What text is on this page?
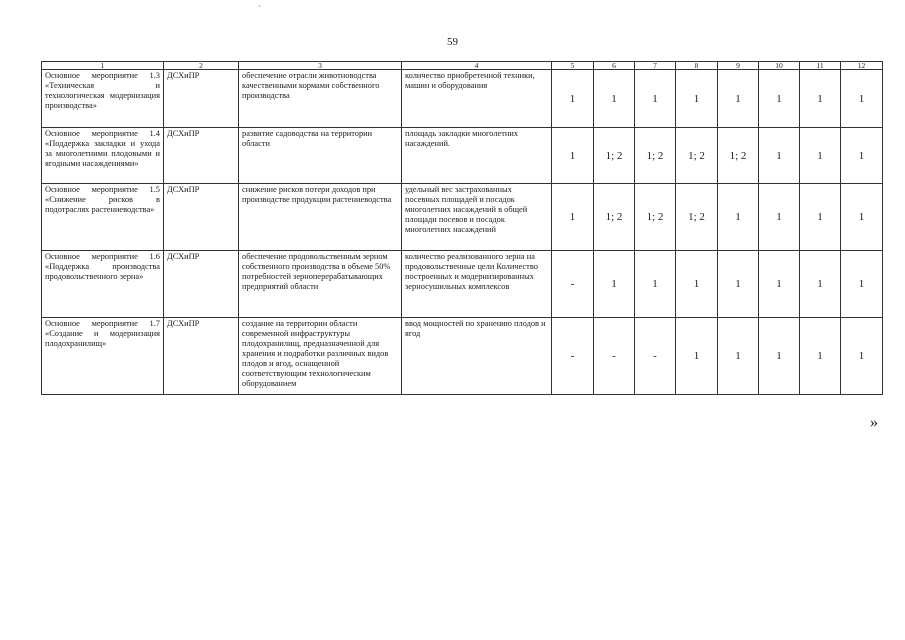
`
59
1	2	3	4	5	6	7	8	9	10	11	12
Основное мероприятие 1.3 «Техническая и технологическая модернизация производства»	ДСХиПР	обеспечение отрасли животноводства качественными кормами собственного производства	количество приобретенной техники, машин и оборудования	1	1	1	1	1	1	1	1
Основное мероприятие 1.4 «Поддержка закладки и ухода за многолетними плодовыми и ягодными насаждениями»	ДСХиПР	развитие садоводства на территории области	площадь закладки многолетних насаждений.	1	1; 2	1; 2	1; 2	1; 2	1	1	1
Основное мероприятие 1.5 «Снижение рисков в подотраслях растениеводства»	ДСХиПР	снижение рисков потери доходов при производстве продукции растениеводства	удельный вес застрахованных посевных площадей и посадок многолетних насаждений в общей площади посевов и посадок многолетних насаждений	1	1; 2	1; 2	1; 2	1	1	1	1
Основное мероприятие 1.6 «Поддержка производства продовольственного зерна»	ДСХиПР	обеспечение продовольственным зерном собственного производства в объеме 50% потребностей зерноперерабатывающих предприятий области	количество реализованного зерна на продовольственные цели Количество построенных и модернизированных зерносушильных комплексов	-	1	1	1	1	1	1	1
Основное мероприятие 1.7 «Создание и модернизация плодохранилищ»	ДСХиПР	создание на территории области современной инфраструктуры плодохранилищ, предназначенной для хранения и подработки различных видов плодов и ягод, оснащенной соответствующим технологическим оборудованием	ввод мощностей по хранению плодов и ягод	-	-	-	1	1	1	1	1
»
